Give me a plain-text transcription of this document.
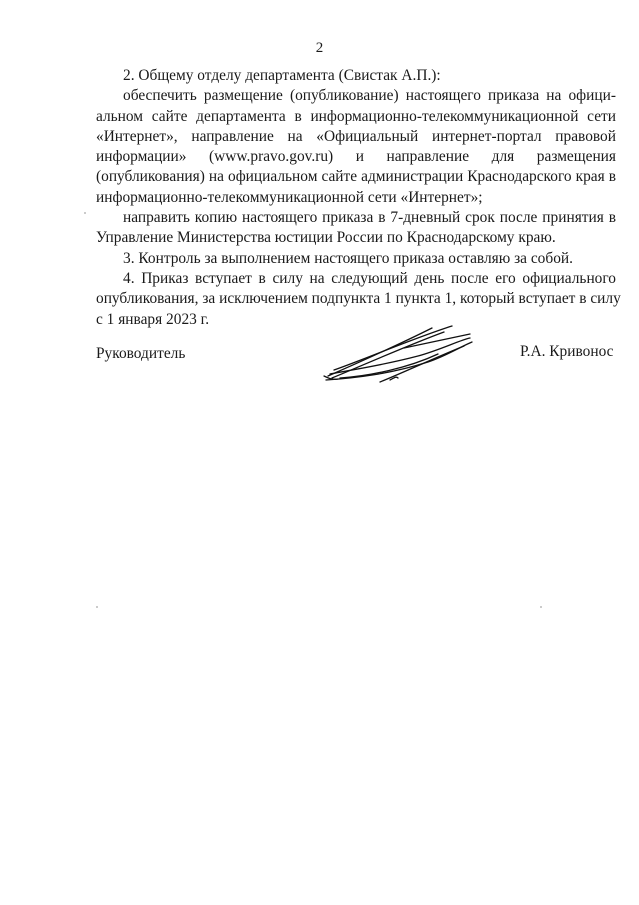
2
2. Общему отделу департамента (Свистак А.П.):
обеспечить размещение (опубликование) настоящего приказа на офици-
альном сайте департамента в информационно-телекоммуникационной сети
«Интернет», направление на «Официальный интернет-портал правовой
информации» (www.pravo.gov.ru) и направление для размещения
(опубликования) на официальном сайте администрации Краснодарского края в
информационно-телекоммуникационной сети «Интернет»;
направить копию настоящего приказа в 7-дневный срок после принятия в
Управление Министерства юстиции России по Краснодарскому краю.
3. Контроль за выполнением настоящего приказа оставляю за собой.
4. Приказ вступает в силу на следующий день после его официального
опубликования, за исключением подпункта 1 пункта 1, который вступает в силу
с 1 января 2023 г.
Руководитель	Р.А. Кривонос
